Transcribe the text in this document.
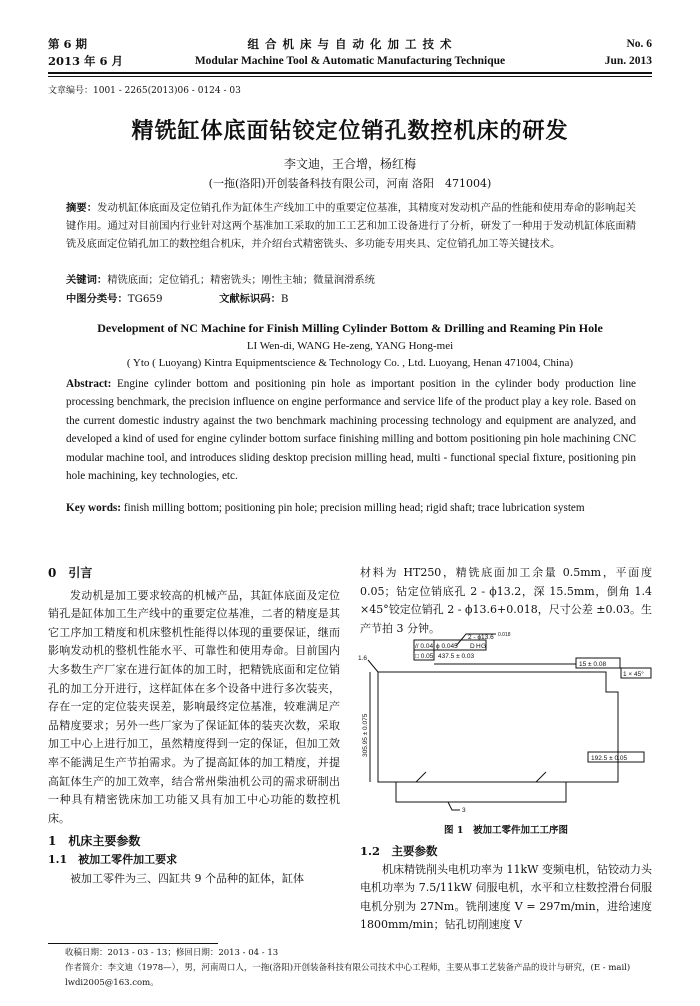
第 6 期
2013 年 6 月
组 合 机 床 与 自 动 化 加 工 技 术
Modular Machine Tool & Automatic Manufacturing Technique
No. 6
Jun. 2013
文章编号：1001 - 2265(2013)06 - 0124 - 03
精铣缸体底面钻铰定位销孔数控机床的研发
李文迪，王合增，杨红梅
(一拖(洛阳)开创装备科技有限公司，河南 洛阳　471004)
摘要：发动机缸体底面及定位销孔作为缸体生产线加工中的重要定位基准，其精度对发动机产品的性能和使用寿命的影响起关键作用。通过对目前国内行业针对这两个基准加工采取的加工工艺和加工设备进行了分析，研发了一种用于发动机缸体底面精铣及底面定位销孔加工的数控组合机床，并介绍台式精密铣头、多功能专用夹具、定位销孔加工等关键技术。
关键词：精铣底面；定位销孔；精密铣头；刚性主轴；微量润滑系统
中图分类号：TG659	文献标识码：B
Development of NC Machine for Finish Milling Cylinder Bottom & Drilling and Reaming Pin Hole
LI Wen-di, WANG He-zeng, YANG Hong-mei
( Yto ( Luoyang) Kintra Equipmentscience & Technology Co. , Ltd. Luoyang, Henan 471004, China)
Abstract: Engine cylinder bottom and positioning pin hole as important position in the cylinder body production line processing benchmark, the precision influence on engine performance and service life of the product play a key role. Based on the current domestic industry against the two benchmark machining processing technology and equipment are analyzed, and developed a kind of used for engine cylinder bottom surface finishing milling and bottom positioning pin hole machining CNC modular machine tool, and introduces sliding desktop precision milling head, multi - functional special fixture, positioning pin hole machining, key technologies, etc.
Key words: finish milling bottom; positioning pin hole; precision milling head; rigid shaft; trace lubrication system

0　引言

发动机是加工要求较高的机械产品，其缸体底面及定位销孔是缸体加工生产线中的重要定位基准，二者的精度是其它工序加工精度和机床整机性能得以体现的重要保证，继而影响发动机的整机性能水平、可靠性和使用寿命。目前国内大多数生产厂家在进行缸体的加工时，把精铣底面和定位销孔的加工分开进行，这样缸体在多个设备中进行多次装夹，存在一定的定位装夹误差，影响最终定位基准，较难满足产品精度要求；另外一些厂家为了保证缸体的装夹次数，采取加工中心上进行加工，虽然精度得到一定的保证，但加工效率不能满足生产节拍需求。为了提高缸体的加工精度，并提高缸体生产的加工效率，结合常州柴油机公司的需求研制出一种具有精密铣床加工功能又具有加工中心功能的数控机床。

1　机床主要参数

1.1　被加工零件加工要求

被加工零件为三、四缸共 9 个品种的缸体，缸体

材料为 HT250，精铣底面加工余量 0.5mm，平面度 0.05；钻定位销底孔 2 - ϕ13.2，深 15.5mm，倒角 1.4 ×45°铰定位销孔 2 - ϕ13.6+0.018，尺寸公差 ±0.03。生产节拍 3 分钟。

2 - ϕ13.6 0.018
// 0.04 ϕ 0.045 D H G
□ 0.05 437.5 ± 0.03
15 ± 0.08
1 × 45°
1.6
305.95 ± 0.075
192.5 ± 0.05
3
图 1　被加工零件加工工序图

1.2　主要参数

机床精铣削头电机功率为 11kW 变频电机，钻铰动力头电机功率为 7.5/11kW 伺服电机，水平和立柱数控滑台伺服电机分别为 27Nm。铣削速度 V = 297m/min，进给速度 1800mm/min；钻孔切削速度 V

收稿日期：2013 - 03 - 13；修回日期：2013 - 04 - 13
作者简介：李文迪（1978—），男，河南周口人，一拖(洛阳)开创装备科技有限公司技术中心工程师，主要从事工艺装备产品的设计与研究，(E - mail) lwdi2005@163.com。
